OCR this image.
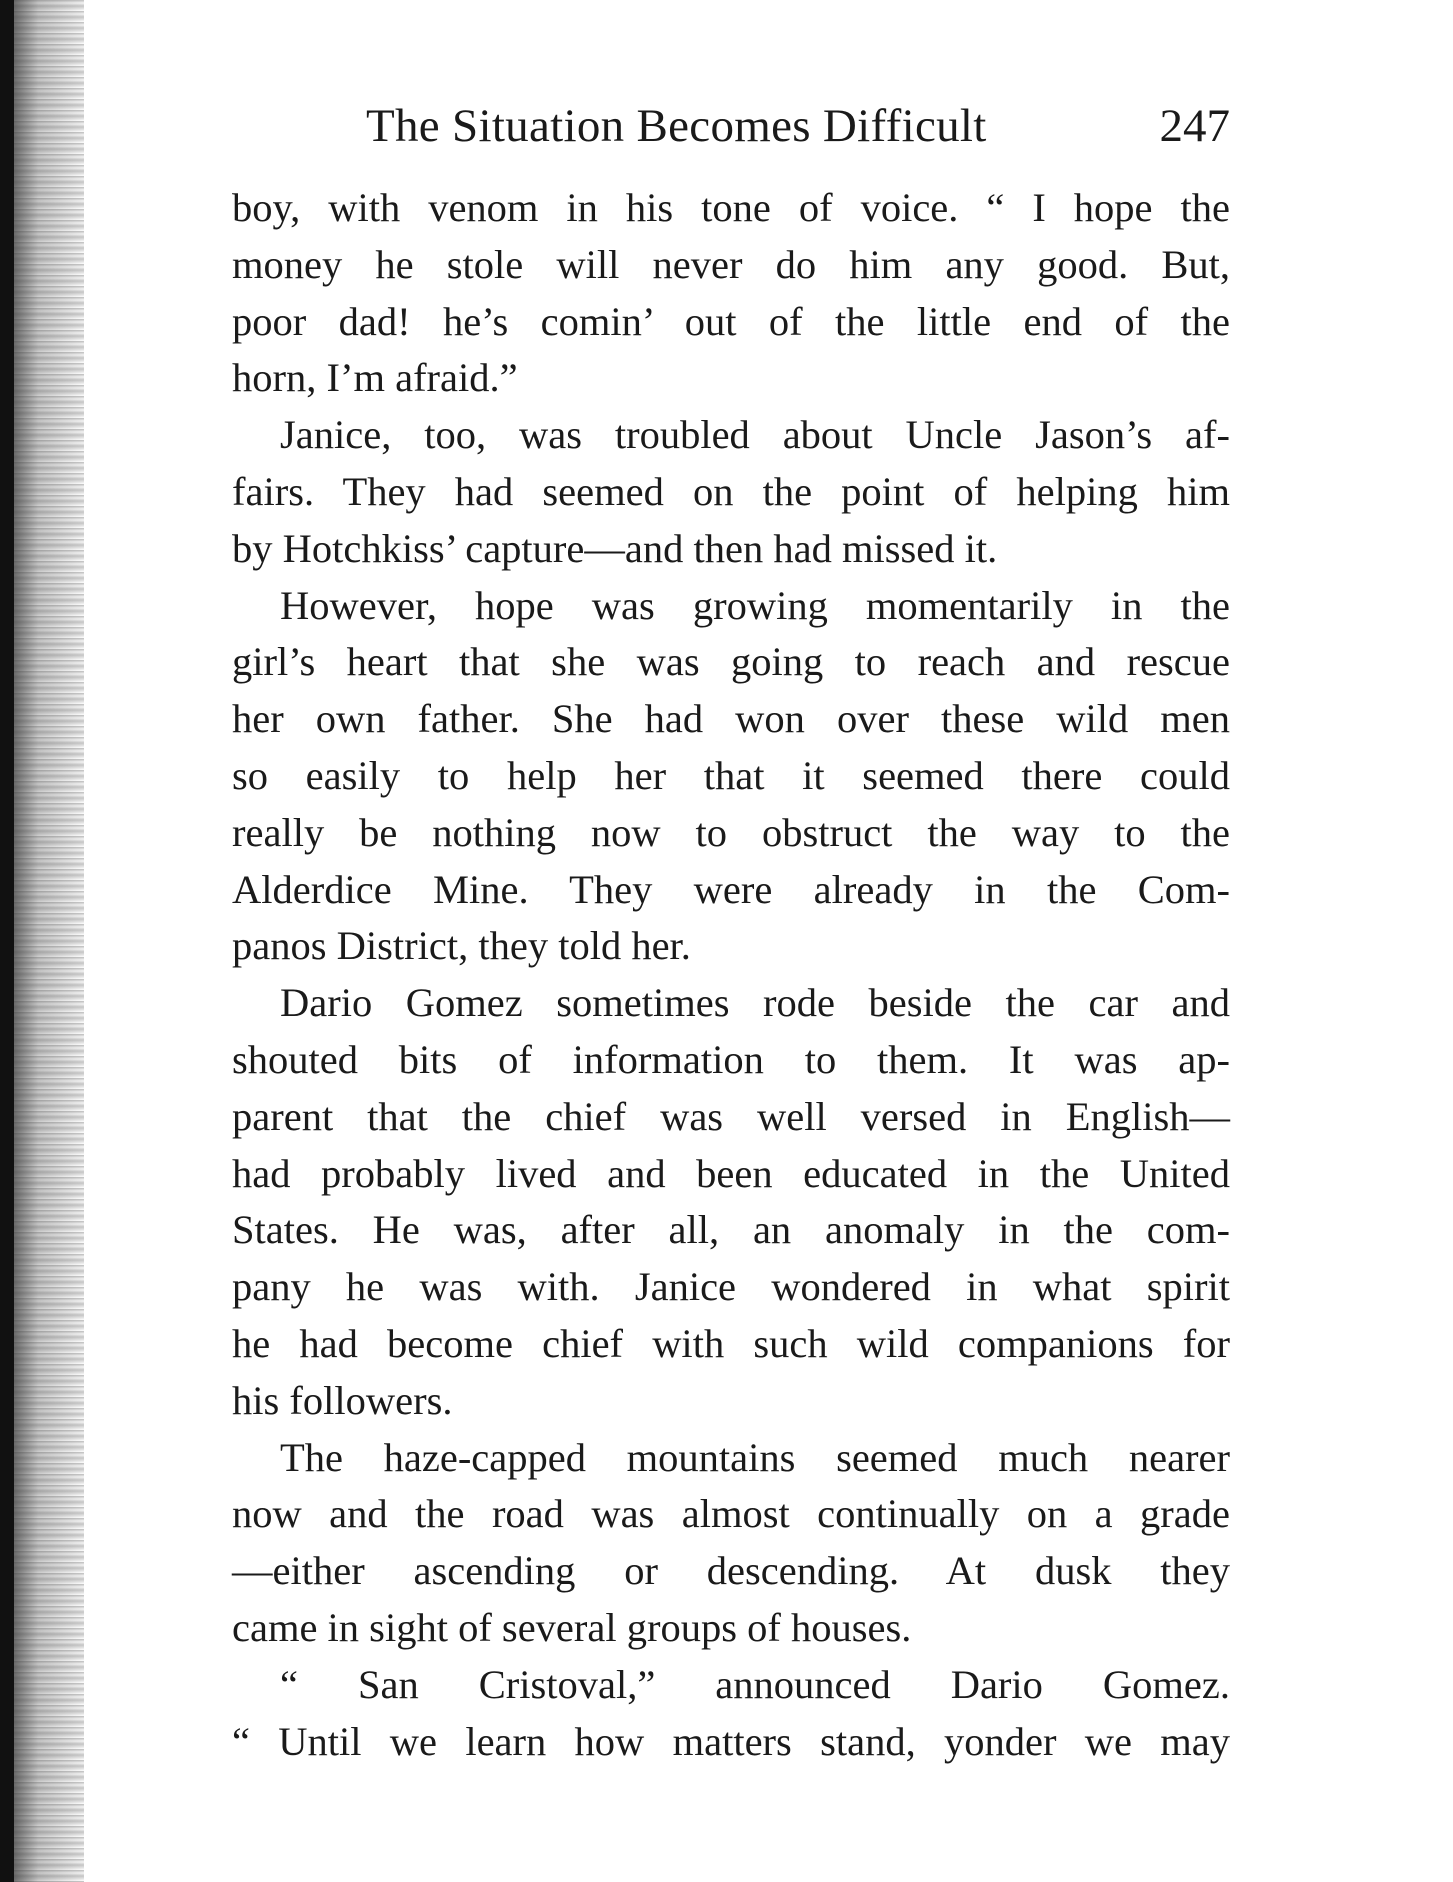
The Situation Becomes Difficult	247
boy, with venom in his tone of voice. “ I hope the
money he stole will never do him any good. But,
poor dad! he’s comin’ out of the little end of the
horn, I’m afraid.”
Janice, too, was troubled about Uncle Jason’s af-
fairs. They had seemed on the point of helping him
by Hotchkiss’ capture—and then had missed it.
However, hope was growing momentarily in the
girl’s heart that she was going to reach and rescue
her own father. She had won over these wild men
so easily to help her that it seemed there could
really be nothing now to obstruct the way to the
Alderdice Mine. They were already in the Com-
panos District, they told her.
Dario Gomez sometimes rode beside the car and
shouted bits of information to them. It was ap-
parent that the chief was well versed in English—
had probably lived and been educated in the United
States. He was, after all, an anomaly in the com-
pany he was with. Janice wondered in what spirit
he had become chief with such wild companions for
his followers.
The haze-capped mountains seemed much nearer
now and the road was almost continually on a grade
—either ascending or descending. At dusk they
came in sight of several groups of houses.
“ San Cristoval,” announced Dario Gomez.
“ Until we learn how matters stand, yonder we may
